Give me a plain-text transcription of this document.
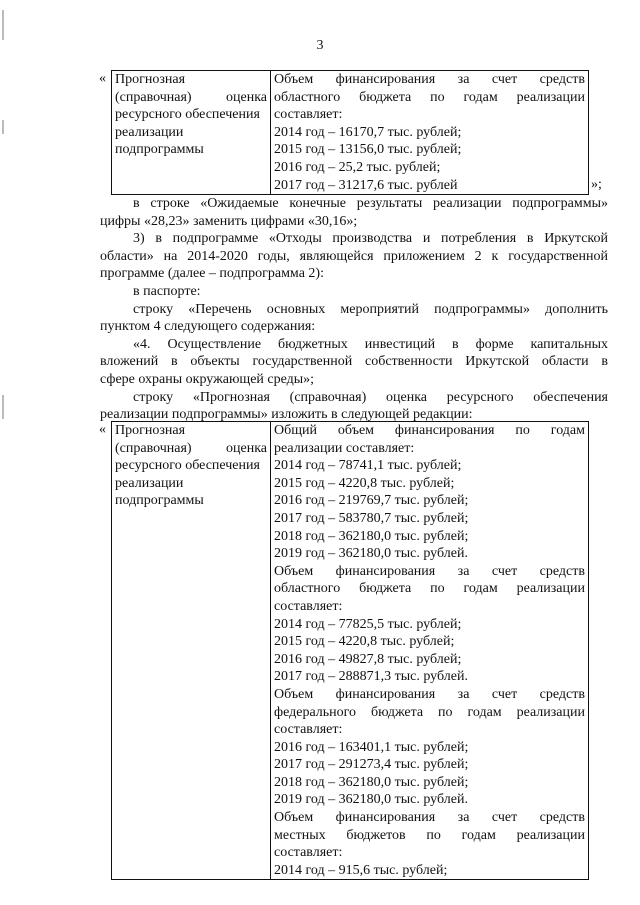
3
« Прогнозная
(справочная) оценка
ресурсного обеспечения
реализации
подпрограммы

Объем финансирования за счет средств
областного бюджета по годам реализации
составляет:
2014 год – 16170,7 тыс. рублей;
2015 год – 13156,0 тыс. рублей;
2016 год – 25,2 тыс. рублей;
2017 год – 31217,6 тыс. рублей	»;
в строке «Ожидаемые конечные результаты реализации подпрограммы»
цифры «28,23» заменить цифрами «30,16»;
3) в подпрограмме «Отходы производства и потребления в Иркутской
области» на 2014-2020 годы, являющейся приложением 2 к государственной
программе (далее – подпрограмма 2):
в паспорте:
строку «Перечень основных мероприятий подпрограммы» дополнить
пунктом 4 следующего содержания:
«4. Осуществление бюджетных инвестиций в форме капитальных
вложений в объекты государственной собственности Иркутской области в
сфере охраны окружающей среды»;
строку «Прогнозная (справочная) оценка ресурсного обеспечения
реализации подпрограммы» изложить в следующей редакции:
« Прогнозная
(справочная) оценка
ресурсного обеспечения
реализации
подпрограммы

Общий объем финансирования по годам
реализации составляет:
2014 год – 78741,1 тыс. рублей;
2015 год – 4220,8 тыс. рублей;
2016 год – 219769,7 тыс. рублей;
2017 год – 583780,7 тыс. рублей;
2018 год – 362180,0 тыс. рублей;
2019 год – 362180,0 тыс. рублей.
Объем финансирования за счет средств
областного бюджета по годам реализации
составляет:
2014 год – 77825,5 тыс. рублей;
2015 год – 4220,8 тыс. рублей;
2016 год – 49827,8 тыс. рублей;
2017 год – 288871,3 тыс. рублей.
Объем финансирования за счет средств
федерального бюджета по годам реализации
составляет:
2016 год – 163401,1 тыс. рублей;
2017 год – 291273,4 тыс. рублей;
2018 год – 362180,0 тыс. рублей;
2019 год – 362180,0 тыс. рублей.
Объем финансирования за счет средств
местных бюджетов по годам реализации
составляет:
2014 год – 915,6 тыс. рублей;
